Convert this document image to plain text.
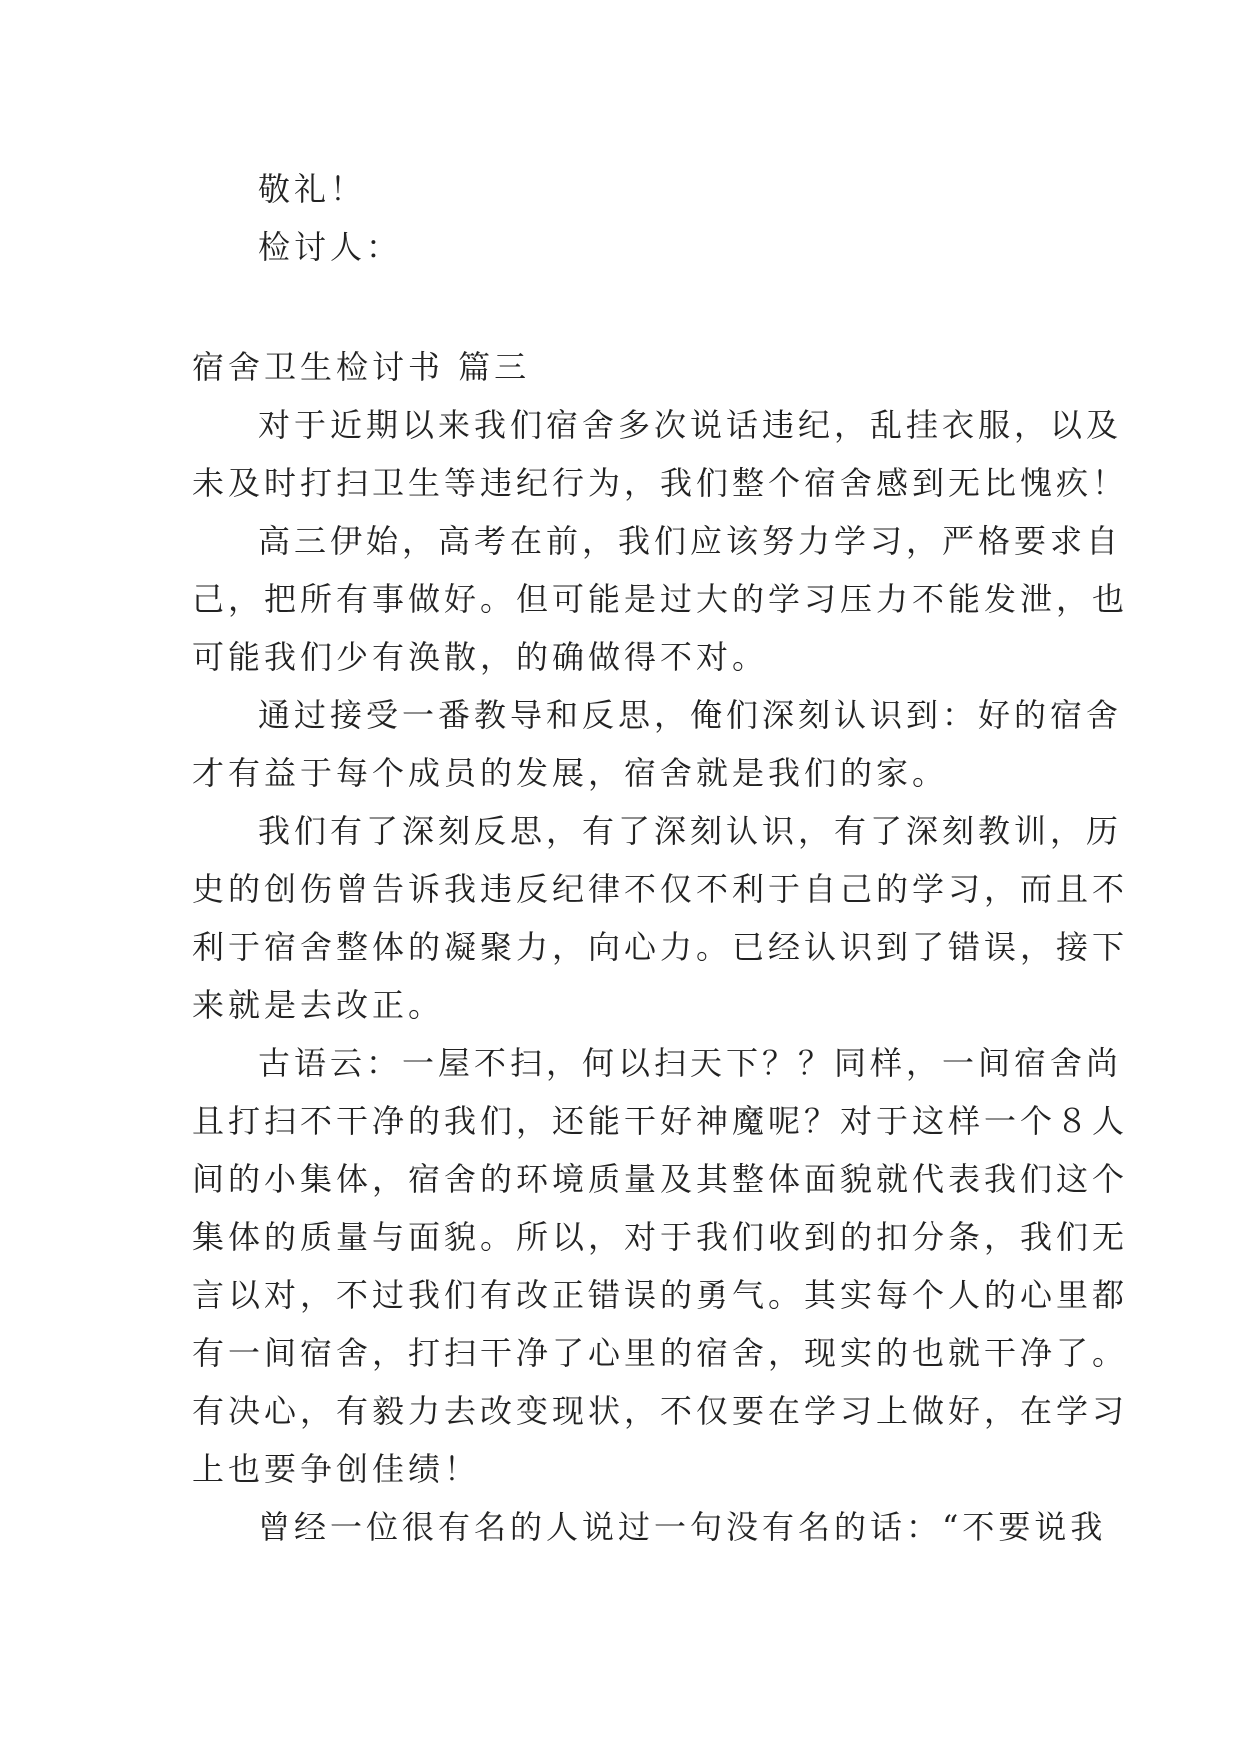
敬礼！

检讨人：

宿舍卫生检讨书 篇三

对于近期以来我们宿舍多次说话违纪，乱挂衣服，以及

未及时打扫卫生等违纪行为，我们整个宿舍感到无比愧疚！

高三伊始，高考在前，我们应该努力学习，严格要求自

己，把所有事做好。但可能是过大的学习压力不能发泄，也

可能我们少有涣散，的确做得不对。

通过接受一番教导和反思，俺们深刻认识到：好的宿舍

才有益于每个成员的发展，宿舍就是我们的家。

我们有了深刻反思，有了深刻认识，有了深刻教训，历

史的创伤曾告诉我违反纪律不仅不利于自己的学习，而且不

利于宿舍整体的凝聚力，向心力。已经认识到了错误，接下

来就是去改正。

古语云：一屋不扫，何以扫天下？？同样，一间宿舍尚

且打扫不干净的我们，还能干好神魔呢？对于这样一个８人

间的小集体，宿舍的环境质量及其整体面貌就代表我们这个

集体的质量与面貌。所以，对于我们收到的扣分条，我们无

言以对，不过我们有改正错误的勇气。其实每个人的心里都

有一间宿舍，打扫干净了心里的宿舍，现实的也就干净了。

有决心，有毅力去改变现状，不仅要在学习上做好，在学习

上也要争创佳绩！

曾经一位很有名的人说过一句没有名的话：“不要说我
